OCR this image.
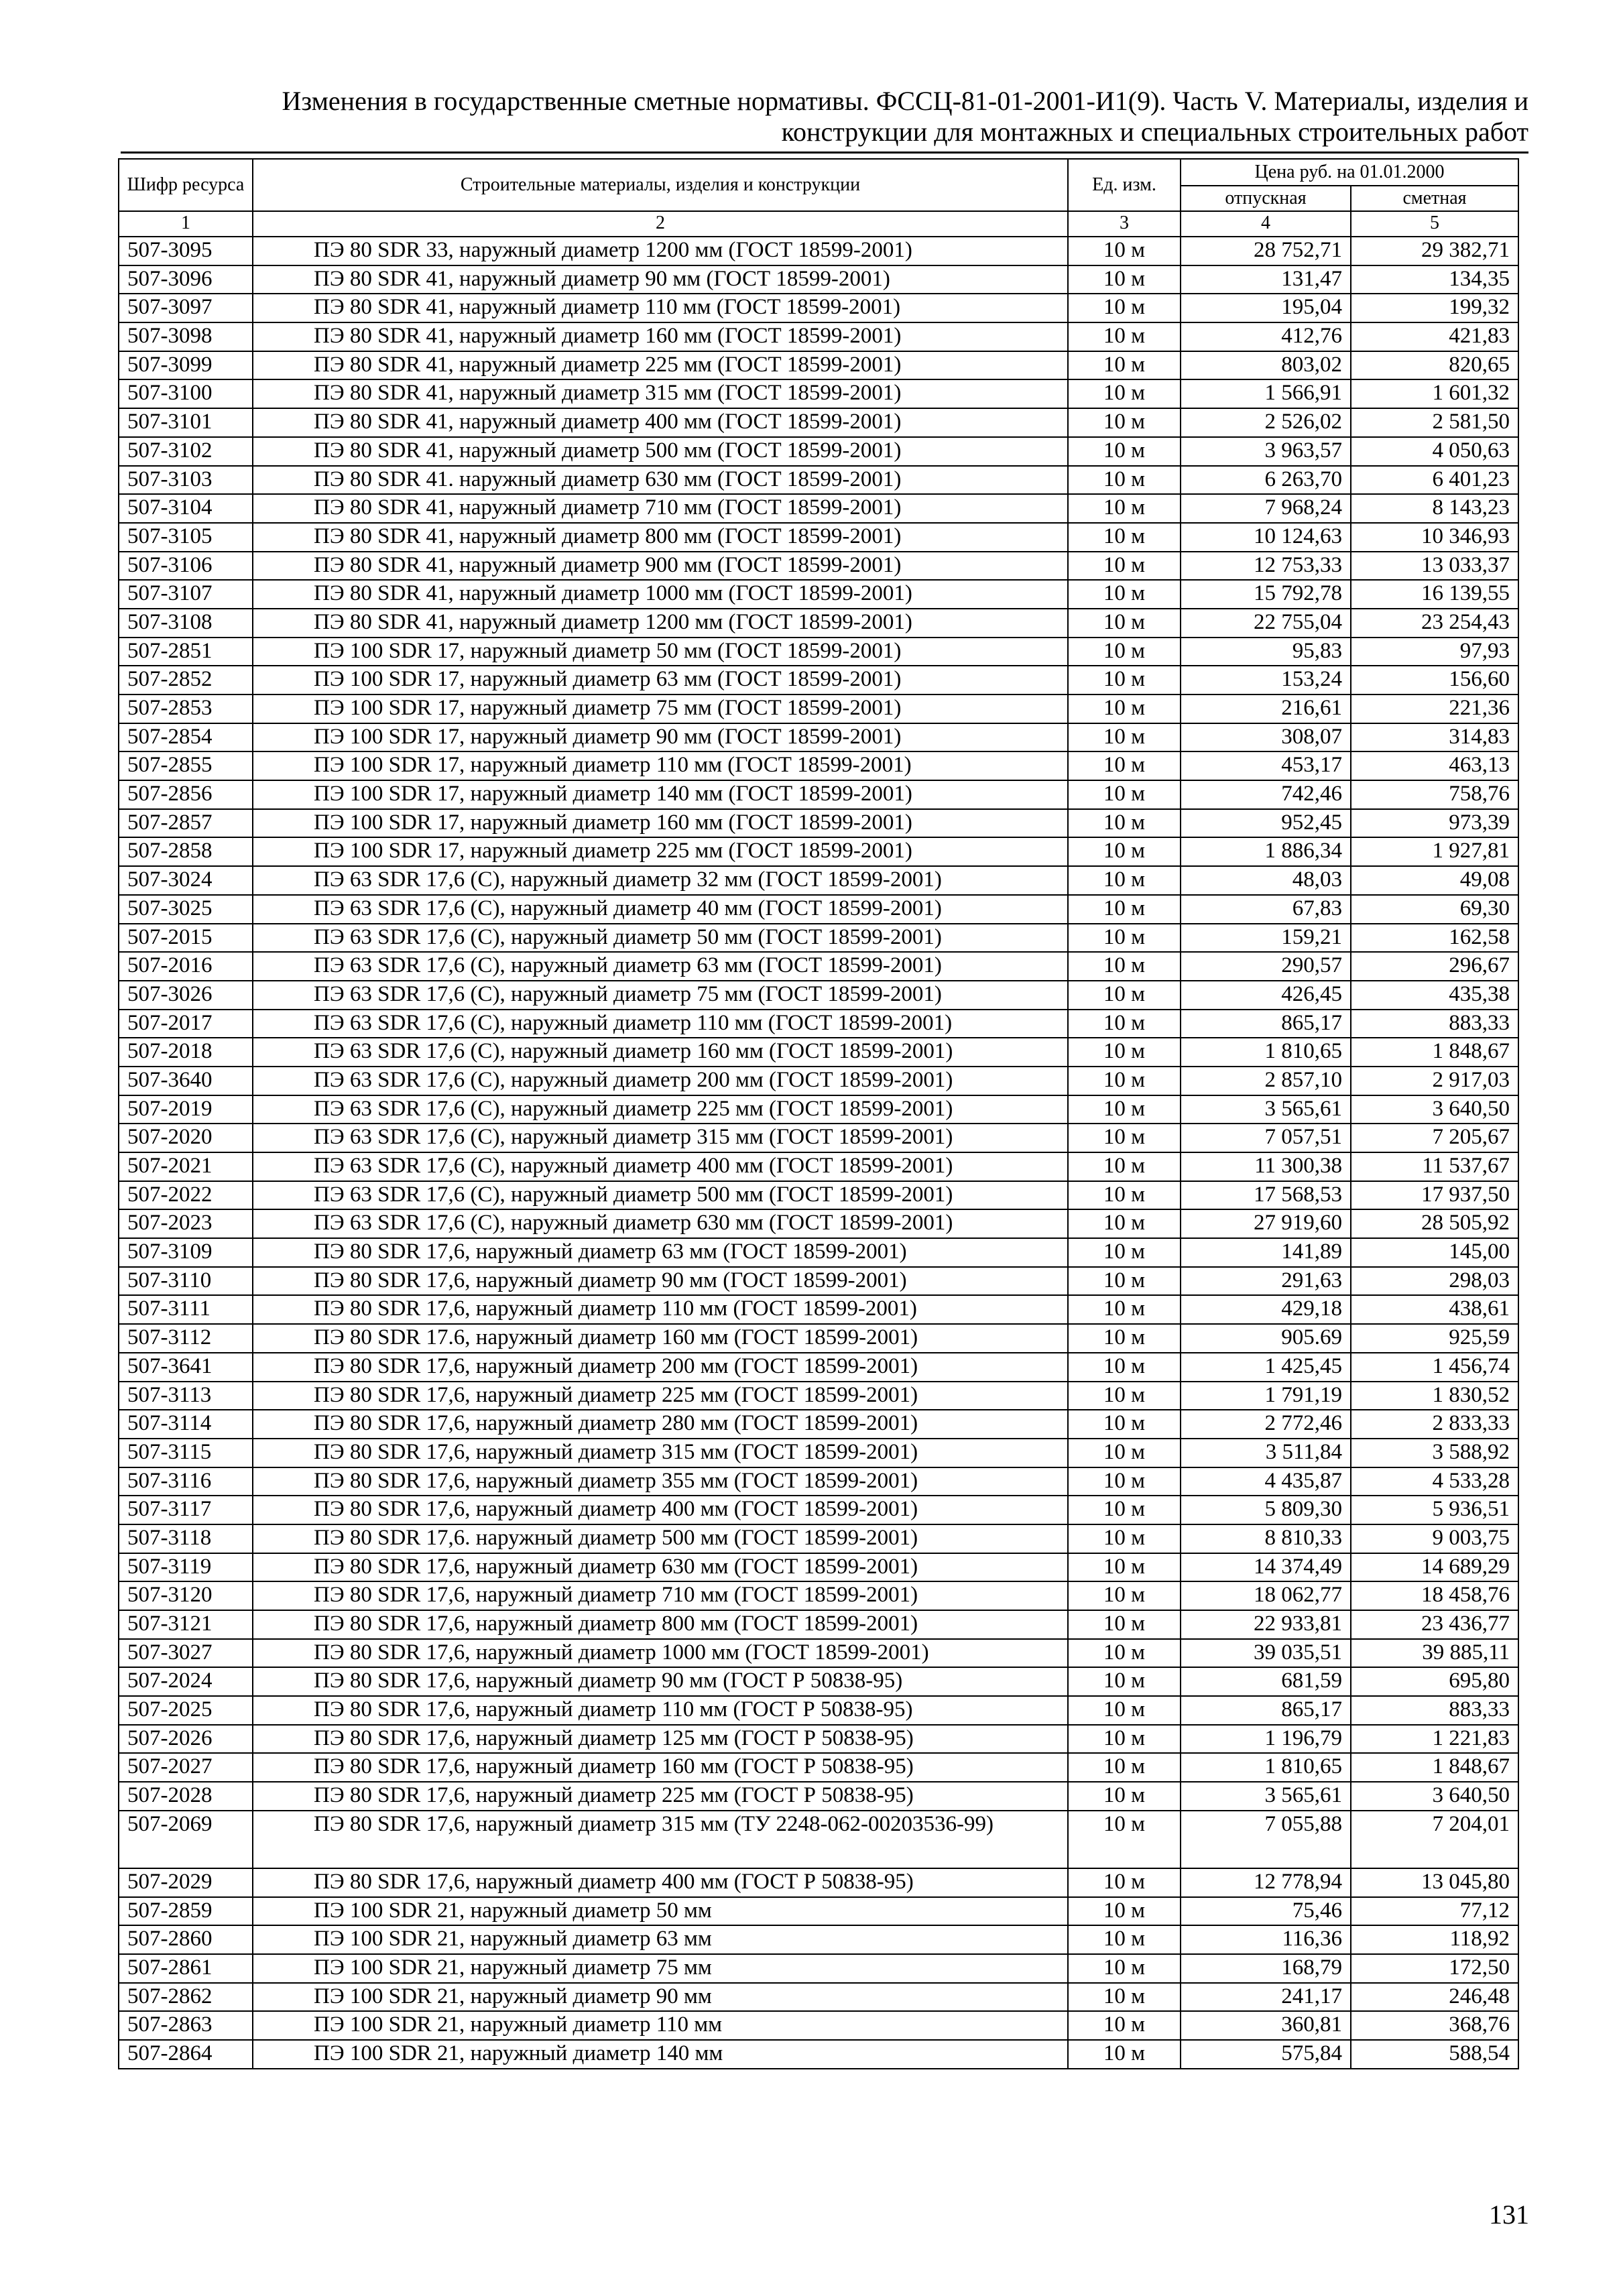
Изменения в государственные сметные нормативы. ФССЦ-81-01-2001-И1(9). Часть V. Материалы, изделия и
конструкции для монтажных и специальных строительных работ
Шифр ресурса	Строительные материалы, изделия и конструкции	Ед. изм.	Цена руб. на 01.01.2000	
			отпускная	сметная
1	2	3	4	5
507-3095	ПЭ 80 SDR 33, наружный диаметр 1200 мм (ГОСТ 18599-2001)	10 м	28 752,71	29 382,71
507-3096	ПЭ 80 SDR 41, наружный диаметр 90 мм (ГОСТ 18599-2001)	10 м	131,47	134,35
507-3097	ПЭ 80 SDR 41, наружный диаметр 110 мм (ГОСТ 18599-2001)	10 м	195,04	199,32
507-3098	ПЭ 80 SDR 41, наружный диаметр 160 мм (ГОСТ 18599-2001)	10 м	412,76	421,83
507-3099	ПЭ 80 SDR 41, наружный диаметр 225 мм (ГОСТ 18599-2001)	10 м	803,02	820,65
507-3100	ПЭ 80 SDR 41, наружный диаметр 315 мм (ГОСТ 18599-2001)	10 м	1 566,91	1 601,32
507-3101	ПЭ 80 SDR 41, наружный диаметр 400 мм (ГОСТ 18599-2001)	10 м	2 526,02	2 581,50
507-3102	ПЭ 80 SDR 41, наружный диаметр 500 мм (ГОСТ 18599-2001)	10 м	3 963,57	4 050,63
507-3103	ПЭ 80 SDR 41. наружный диаметр 630 мм (ГОСТ 18599-2001)	10 м	6 263,70	6 401,23
507-3104	ПЭ 80 SDR 41, наружный диаметр 710 мм (ГОСТ 18599-2001)	10 м	7 968,24	8 143,23
507-3105	ПЭ 80 SDR 41, наружный диаметр 800 мм (ГОСТ 18599-2001)	10 м	10 124,63	10 346,93
507-3106	ПЭ 80 SDR 41, наружный диаметр 900 мм (ГОСТ 18599-2001)	10 м	12 753,33	13 033,37
507-3107	ПЭ 80 SDR 41, наружный диаметр 1000 мм (ГОСТ 18599-2001)	10 м	15 792,78	16 139,55
507-3108	ПЭ 80 SDR 41, наружный диаметр 1200 мм (ГОСТ 18599-2001)	10 м	22 755,04	23 254,43
507-2851	ПЭ 100 SDR 17, наружный диаметр 50 мм (ГОСТ 18599-2001)	10 м	95,83	97,93
507-2852	ПЭ 100 SDR 17, наружный диаметр 63 мм (ГОСТ 18599-2001)	10 м	153,24	156,60
507-2853	ПЭ 100 SDR 17, наружный диаметр 75 мм (ГОСТ 18599-2001)	10 м	216,61	221,36
507-2854	ПЭ 100 SDR 17, наружный диаметр 90 мм (ГОСТ 18599-2001)	10 м	308,07	314,83
507-2855	ПЭ 100 SDR 17, наружный диаметр 110 мм (ГОСТ 18599-2001)	10 м	453,17	463,13
507-2856	ПЭ 100 SDR 17, наружный диаметр 140 мм (ГОСТ 18599-2001)	10 м	742,46	758,76
507-2857	ПЭ 100 SDR 17, наружный диаметр 160 мм (ГОСТ 18599-2001)	10 м	952,45	973,39
507-2858	ПЭ 100 SDR 17, наружный диаметр 225 мм (ГОСТ 18599-2001)	10 м	1 886,34	1 927,81
507-3024	ПЭ 63 SDR 17,6 (С), наружный диаметр 32 мм (ГОСТ 18599-2001)	10 м	48,03	49,08
507-3025	ПЭ 63 SDR 17,6 (С), наружный диаметр 40 мм (ГОСТ 18599-2001)	10 м	67,83	69,30
507-2015	ПЭ 63 SDR 17,6 (С), наружный диаметр 50 мм (ГОСТ 18599-2001)	10 м	159,21	162,58
507-2016	ПЭ 63 SDR 17,6 (С), наружный диаметр 63 мм (ГОСТ 18599-2001)	10 м	290,57	296,67
507-3026	ПЭ 63 SDR 17,6 (С), наружный диаметр 75 мм (ГОСТ 18599-2001)	10 м	426,45	435,38
507-2017	ПЭ 63 SDR 17,6 (С), наружный диаметр 110 мм (ГОСТ 18599-2001)	10 м	865,17	883,33
507-2018	ПЭ 63 SDR 17,6 (С), наружный диаметр 160 мм (ГОСТ 18599-2001)	10 м	1 810,65	1 848,67
507-3640	ПЭ 63 SDR 17,6 (С), наружный диаметр 200 мм (ГОСТ 18599-2001)	10 м	2 857,10	2 917,03
507-2019	ПЭ 63 SDR 17,6 (С), наружный диаметр 225 мм (ГОСТ 18599-2001)	10 м	3 565,61	3 640,50
507-2020	ПЭ 63 SDR 17,6 (С), наружный диаметр 315 мм (ГОСТ 18599-2001)	10 м	7 057,51	7 205,67
507-2021	ПЭ 63 SDR 17,6 (С), наружный диаметр 400 мм (ГОСТ 18599-2001)	10 м	11 300,38	11 537,67
507-2022	ПЭ 63 SDR 17,6 (С), наружный диаметр 500 мм (ГОСТ 18599-2001)	10 м	17 568,53	17 937,50
507-2023	ПЭ 63 SDR 17,6 (С), наружный диаметр 630 мм (ГОСТ 18599-2001)	10 м	27 919,60	28 505,92
507-3109	ПЭ 80 SDR 17,6, наружный диаметр 63 мм (ГОСТ 18599-2001)	10 м	141,89	145,00
507-3110	ПЭ 80 SDR 17,6, наружный диаметр 90 мм (ГОСТ 18599-2001)	10 м	291,63	298,03
507-3111	ПЭ 80 SDR 17,6, наружный диаметр 110 мм (ГОСТ 18599-2001)	10 м	429,18	438,61
507-3112	ПЭ 80 SDR 17.6, наружный диаметр 160 мм (ГОСТ 18599-2001)	10 м	905.69	925,59
507-3641	ПЭ 80 SDR 17,6, наружный диаметр 200 мм (ГОСТ 18599-2001)	10 м	1 425,45	1 456,74
507-3113	ПЭ 80 SDR 17,6, наружный диаметр 225 мм (ГОСТ 18599-2001)	10 м	1 791,19	1 830,52
507-3114	ПЭ 80 SDR 17,6, наружный диаметр 280 мм (ГОСТ 18599-2001)	10 м	2 772,46	2 833,33
507-3115	ПЭ 80 SDR 17,6, наружный диаметр 315 мм (ГОСТ 18599-2001)	10 м	3 511,84	3 588,92
507-3116	ПЭ 80 SDR 17,6, наружный диаметр 355 мм (ГОСТ 18599-2001)	10 м	4 435,87	4 533,28
507-3117	ПЭ 80 SDR 17,6, наружный диаметр 400 мм (ГОСТ 18599-2001)	10 м	5 809,30	5 936,51
507-3118	ПЭ 80 SDR 17,6. наружный диаметр 500 мм (ГОСТ 18599-2001)	10 м	8 810,33	9 003,75
507-3119	ПЭ 80 SDR 17,6, наружный диаметр 630 мм (ГОСТ 18599-2001)	10 м	14 374,49	14 689,29
507-3120	ПЭ 80 SDR 17,6, наружный диаметр 710 мм (ГОСТ 18599-2001)	10 м	18 062,77	18 458,76
507-3121	ПЭ 80 SDR 17,6, наружный диаметр 800 мм (ГОСТ 18599-2001)	10 м	22 933,81	23 436,77
507-3027	ПЭ 80 SDR 17,6, наружный диаметр 1000 мм (ГОСТ 18599-2001)	10 м	39 035,51	39 885,11
507-2024	ПЭ 80 SDR 17,6, наружный диаметр 90 мм (ГОСТ Р 50838-95)	10 м	681,59	695,80
507-2025	ПЭ 80 SDR 17,6, наружный диаметр 110 мм (ГОСТ Р 50838-95)	10 м	865,17	883,33
507-2026	ПЭ 80 SDR 17,6, наружный диаметр 125 мм (ГОСТ Р 50838-95)	10 м	1 196,79	1 221,83
507-2027	ПЭ 80 SDR 17,6, наружный диаметр 160 мм (ГОСТ Р 50838-95)	10 м	1 810,65	1 848,67
507-2028	ПЭ 80 SDR 17,6, наружный диаметр 225 мм (ГОСТ Р 50838-95)	10 м	3 565,61	3 640,50
507-2069	ПЭ 80 SDR 17,6, наружный диаметр 315 мм (ТУ 2248-062-00203536-99)	10 м	7 055,88	7 204,01
507-2029	ПЭ 80 SDR 17,6, наружный диаметр 400 мм (ГОСТ Р 50838-95)	10 м	12 778,94	13 045,80
507-2859	ПЭ 100 SDR 21, наружный диаметр 50 мм	10 м	75,46	77,12
507-2860	ПЭ 100 SDR 21, наружный диаметр 63 мм	10 м	116,36	118,92
507-2861	ПЭ 100 SDR 21, наружный диаметр 75 мм	10 м	168,79	172,50
507-2862	ПЭ 100 SDR 21, наружный диаметр 90 мм	10 м	241,17	246,48
507-2863	ПЭ 100 SDR 21, наружный диаметр 110 мм	10 м	360,81	368,76
507-2864	ПЭ 100 SDR 21, наружный диаметр 140 мм	10 м	575,84	588,54
131
